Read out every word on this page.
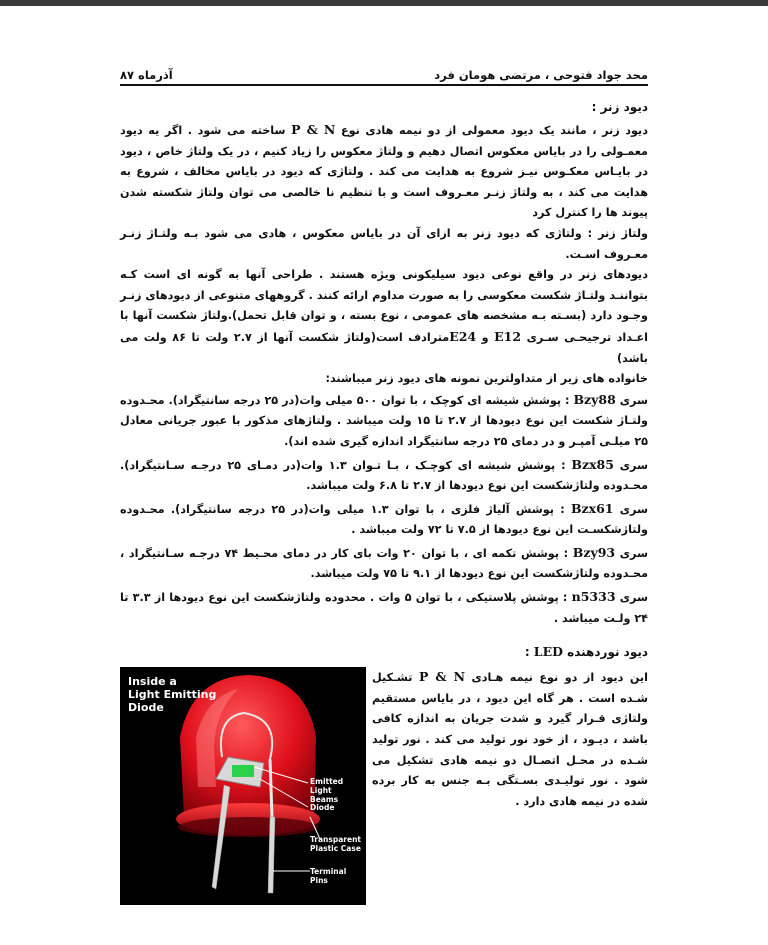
آذرماه ۸۷	محد جواد فتوحی ، مرتضی هومان فرد
دیود زنر :

دیود زنر ، مانند یک دیود معمولی از دو نیمه هادی نوع P & N ساخته می شود . اگر یه دیود معمـولی را در بایاس معکوس اتصال دهیم و ولتاژ معکوس را زیاد کنیم ، در یک ولتاژ خاص ، دیود در بایـاس معکـوس نیـز شروع به هدایت می کند . ولتاژی که دیود در بایاس مخالف ، شروع به هدایت می کند ، به ولتاژ زنـر معـروف است و با تنظیم نا خالصی می توان ولتاژ شکسته شدن پیوند ها را کنترل کرد

ولتاژ زنر : ولتاژی که دیود زنر به ازای آن در بایاس معکوس ، هادی می شود بـه ولتـاژ زنـر معـروف اسـت.

دیودهای زنر در واقع نوعی دیود سیلیکونی ویژه هستند . طراحی آنها به گونه ای است کـه بتواننـد ولتـاژ شکست معکوسی را به صورت مداوم ارائه کنند . گروههای متنوعی از دیودهای زنـر وجـود دارد (بسـته بـه مشخصه های عمومی ، نوع بسته ، و توان قابل تحمل).ولتاژ شکست آنها با اعـداد ترجیحـی سـری E12 و E24مترادف است(ولتاژ شکست آنها از ۲.۷ ولت تا ۸۶ ولت می باشد)

خانواده های زیر از متداولترین نمونه های دیود زنر میباشند:

سری Bzy88 : پوشش شیشه ای کوچک ، با توان ۵۰۰ میلی وات(در ۲۵ درجه سانتیگراد). محـدوده ولتـاژ شکست این نوع دیودها از ۲.۷ تا ۱۵ ولت میباشد . ولتاژهای مذکور با عبور جریانی معادل ۲۵ میلـی آمپـر و در دمای ۲۵ درجه سانتیگراد اندازه گیری شده اند).

سری Bzx85 : پوشش شیشه ای کوچـک ، بـا تـوان ۱.۳ وات(در دمـای ۲۵ درجـه سـانتیگراد). محـدوده ولتاژشکست این نوع دیودها از ۲.۷ تا ۶.۸ ولت میباشد.

سری Bzx61 : پوشش آلیاژ فلزی ، با توان ۱.۳ میلی وات(در ۲۵ درجه سانتیگراد). محـدوده ولتاژشکسـت این نوع دیودها از ۷.۵ تا ۷۲ ولت میباشد .

سری Bzy93 : پوشش تکمه ای ، با توان ۲۰ وات بای کار در دمای محـیط ۷۴ درجـه سـانتیگراد ، محـدوده ولتاژشکست این نوع دیودها از ۹.۱ تا ۷۵ ولت میباشد.

سری n5333 : پوشش پلاستیکی ، با توان ۵ وات . محدوده ولتاژشکست این نوع دیودها از ۳.۳ تا ۲۴ ولـت میباشد .

دیود نوردهنده LED :

این دیود از دو نوع نیمه هـادی P & N تشـکیل شـده است . هر گاه این دیود ، در بایاس مستقیم ولتاژی قـرار گیرد و شدت جریان به اندازه کافی باشد ، دیـود ، از خود نور تولید می کند . نور تولید شـده در محـل اتصـال دو نیمه هادی تشکیل می شود . نور تولیـدی بسـتگی بـه جنس به کار برده شده در نیمه هادی دارد .

Inside a
Light Emitting
Diode
Emitted Light
Beams
Diode
Transparent
Plastic Case
Terminal Pins
